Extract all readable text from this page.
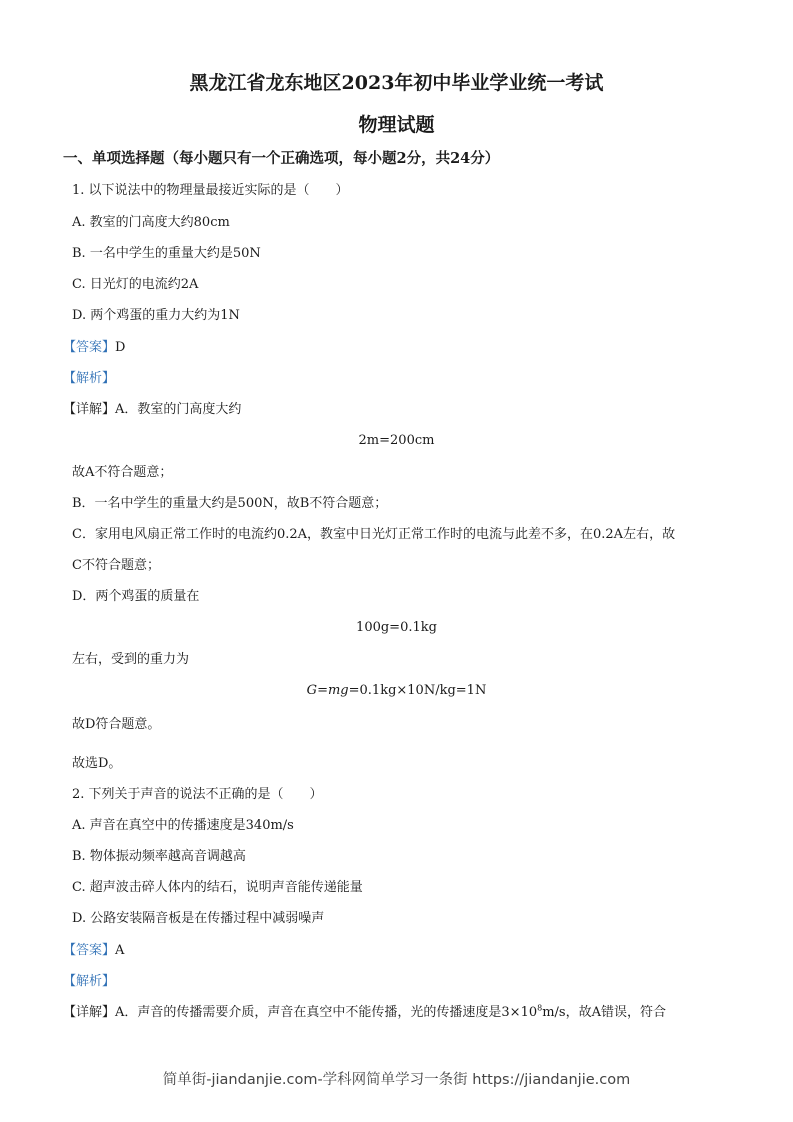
黑龙江省龙东地区2023年初中毕业学业统一考试
物理试题
一、单项选择题（每小题只有一个正确选项，每小题2分，共24分）
1. 以下说法中的物理量最接近实际的是（　　）
A. 教室的门高度大约80cm
B. 一名中学生的重量大约是50N
C. 日光灯的电流约2A
D. 两个鸡蛋的重力大约为1N
【答案】D
【解析】
【详解】A．教室的门高度大约
2m=200cm
故A不符合题意；
B．一名中学生的重量大约是500N，故B不符合题意；
C．家用电风扇正常工作时的电流约0.2A，教室中日光灯正常工作时的电流与此差不多，在0.2A左右，故
C不符合题意；
D．两个鸡蛋的质量在
100g=0.1kg
左右，受到的重力为
G=mg=0.1kg×10N/kg=1N
故D符合题意。
故选D。
2. 下列关于声音的说法不正确的是（　　）
A. 声音在真空中的传播速度是340m/s
B. 物体振动频率越高音调越高
C. 超声波击碎人体内的结石，说明声音能传递能量
D. 公路安装隔音板是在传播过程中减弱噪声
【答案】A
【解析】
【详解】A．声音的传播需要介质，声音在真空中不能传播，光的传播速度是$3\times 10^8m/s$，故A错误，符合
简单街-jiandanjie.com-学科网简单学习一条街 https://jiandanjie.com
